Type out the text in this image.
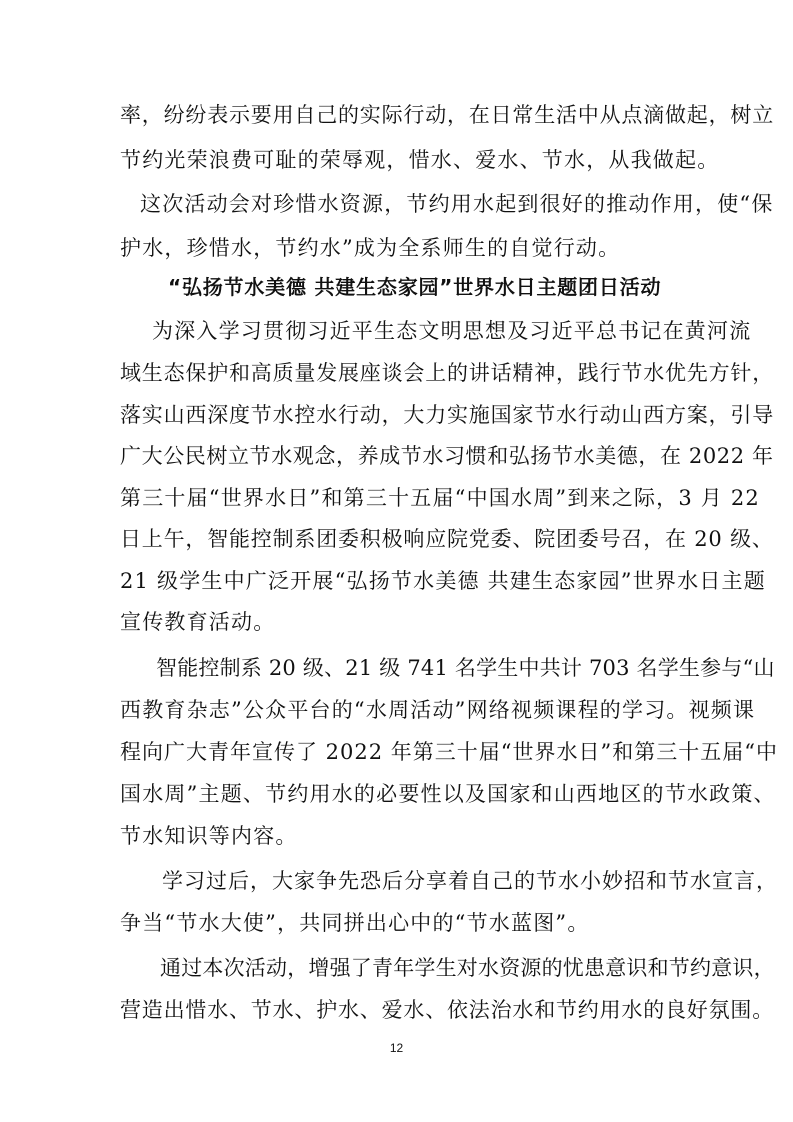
率，纷纷表示要用自己的实际行动，在日常生活中从点滴做起，树立
节约光荣浪费可耻的荣辱观，惜水、爱水、节水，从我做起。
这次活动会对珍惜水资源，节约用水起到很好的推动作用，使“保
护水，珍惜水，节约水”成为全系师生的自觉行动。
“弘扬节水美德 共建生态家园”世界水日主题团日活动
为深入学习贯彻习近平生态文明思想及习近平总书记在黄河流
域生态保护和高质量发展座谈会上的讲话精神，践行节水优先方针，
落实山西深度节水控水行动，大力实施国家节水行动山西方案，引导
广大公民树立节水观念，养成节水习惯和弘扬节水美德，在 2022 年
第三十届“世界水日”和第三十五届“中国水周”到来之际，3 月 22
日上午，智能控制系团委积极响应院党委、院团委号召，在 20 级、
21 级学生中广泛开展“弘扬节水美德 共建生态家园”世界水日主题
宣传教育活动。
智能控制系 20 级、21 级 741 名学生中共计 703 名学生参与“山
西教育杂志”公众平台的“水周活动”网络视频课程的学习。视频课
程向广大青年宣传了 2022 年第三十届“世界水日”和第三十五届“中
国水周”主题、节约用水的必要性以及国家和山西地区的节水政策、
节水知识等内容。
学习过后，大家争先恐后分享着自己的节水小妙招和节水宣言，
争当“节水大使”，共同拼出心中的“节水蓝图”。
通过本次活动，增强了青年学生对水资源的忧患意识和节约意识，
营造出惜水、节水、护水、爱水、依法治水和节约用水的良好氛围。
12
